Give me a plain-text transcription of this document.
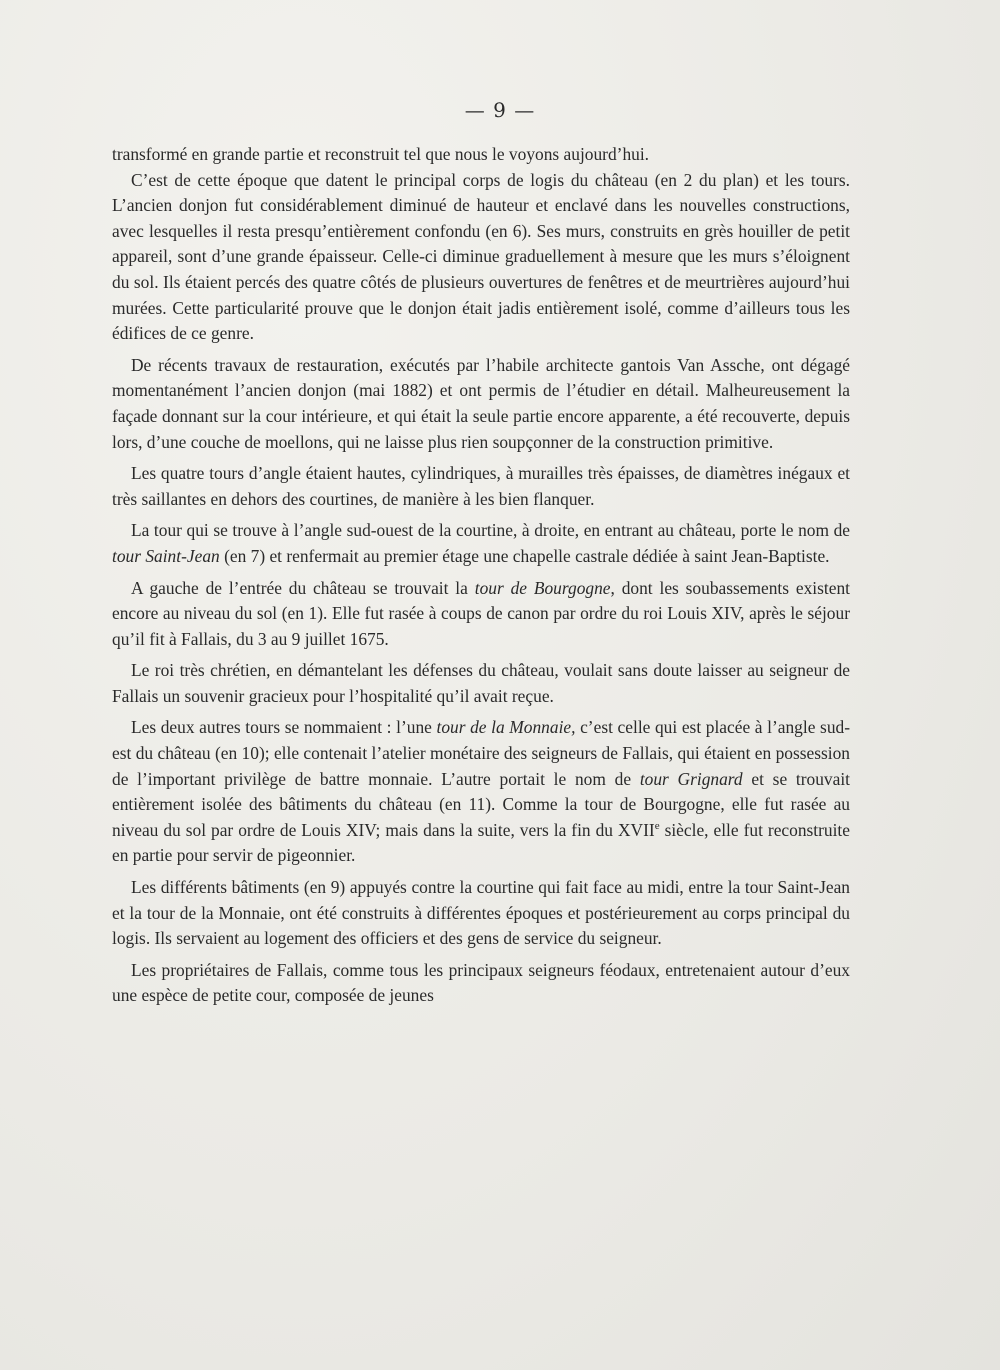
— 9 —

transformé en grande partie et reconstruit tel que nous le voyons aujourd’hui.

C’est de cette époque que datent le principal corps de logis du château (en 2 du plan) et les tours. L’ancien donjon fut considérablement diminué de hauteur et enclavé dans les nouvelles constructions, avec lesquelles il resta presqu’entièrement confondu (en 6). Ses murs, construits en grès houiller de petit appareil, sont d’une grande épaisseur. Celle-ci diminue graduellement à mesure que les murs s’éloignent du sol. Ils étaient percés des quatre côtés de plusieurs ouvertures de fenêtres et de meurtrières aujourd’hui murées. Cette particularité prouve que le donjon était jadis entièrement isolé, comme d’ailleurs tous les édifices de ce genre.

De récents travaux de restauration, exécutés par l’habile architecte gantois Van Assche, ont dégagé momentanément l’ancien donjon (mai 1882) et ont permis de l’étudier en détail. Malheureusement la façade donnant sur la cour intérieure, et qui était la seule partie encore apparente, a été recouverte, depuis lors, d’une couche de moellons, qui ne laisse plus rien soupçonner de la construction primitive.

Les quatre tours d’angle étaient hautes, cylindriques, à murailles très épaisses, de diamètres inégaux et très saillantes en dehors des courtines, de manière à les bien flanquer.

La tour qui se trouve à l’angle sud-ouest de la courtine, à droite, en entrant au château, porte le nom de tour Saint-Jean (en 7) et renfermait au premier étage une chapelle castrale dédiée à saint Jean-Baptiste.

A gauche de l’entrée du château se trouvait la tour de Bourgogne, dont les soubassements existent encore au niveau du sol (en 1). Elle fut rasée à coups de canon par ordre du roi Louis XIV, après le séjour qu’il fit à Fallais, du 3 au 9 juillet 1675.

Le roi très chrétien, en démantelant les défenses du château, voulait sans doute laisser au seigneur de Fallais un souvenir gracieux pour l’hospitalité qu’il avait reçue.

Les deux autres tours se nommaient : l’une tour de la Monnaie, c’est celle qui est placée à l’angle sud-est du château (en 10); elle contenait l’atelier monétaire des seigneurs de Fallais, qui étaient en possession de l’important privilège de battre monnaie. L’autre portait le nom de tour Grignard et se trouvait entièrement isolée des bâtiments du château (en 11). Comme la tour de Bourgogne, elle fut rasée au niveau du sol par ordre de Louis XIV; mais dans la suite, vers la fin du XVIIe siècle, elle fut reconstruite en partie pour servir de pigeonnier.

Les différents bâtiments (en 9) appuyés contre la courtine qui fait face au midi, entre la tour Saint-Jean et la tour de la Monnaie, ont été construits à différentes époques et postérieurement au corps principal du logis. Ils servaient au logement des officiers et des gens de service du seigneur.

Les propriétaires de Fallais, comme tous les principaux seigneurs féodaux, entretenaient autour d’eux une espèce de petite cour, composée de jeunes
